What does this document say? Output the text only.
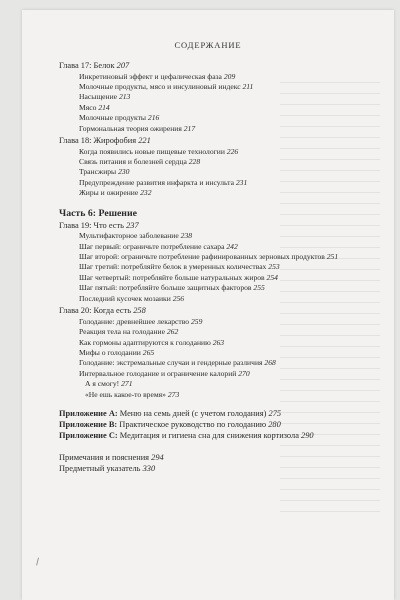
СОДЕРЖАНИЕ
Глава 17: Белок 207
Инкретиновый эффект и цефалическая фаза 209
Молочные продукты, мясо и инсулиновый индекс 211
Насыщение 213
Мясо 214
Молочные продукты 216
Гормональная теория ожирения 217
Глава 18: Жирофобия 221
Когда появились новые пищевые технологии 226
Связь питания и болезней сердца 228
Трансжиры 230
Предупреждение развития инфаркта и инсульта 231
Жиры и ожирение 232
Часть 6: Решение
Глава 19: Что есть 237
Мультифакторное заболевание 238
Шаг первый: ограничьте потребление сахара 242
Шаг второй: ограничьте потребление рафинированных зерновых продуктов 251
Шаг третий: потребляйте белок в умеренных количествах 253
Шаг четвертый: потребляйте больше натуральных жиров 254
Шаг пятый: потребляйте больше защитных факторов 255
Последний кусочек мозаики 256
Глава 20: Когда есть 258
Голодание: древнейшее лекарство 259
Реакция тела на голодание 262
Как гормоны адаптируются к голоданию 263
Мифы о голодании 265
Голодание: экстремальные случаи и гендерные различия 268
Интервальное голодание и ограничение калорий 270
А я смогу! 271
«Не ешь какое-то время» 273
Приложение A: Меню на семь дней (с учетом голодания) 275
Приложение B: Практическое руководство по голоданию 280
Приложение C: Медитация и гигиена сна для снижения кортизола 290
Примечания и пояснения 294
Предметный указатель 330
